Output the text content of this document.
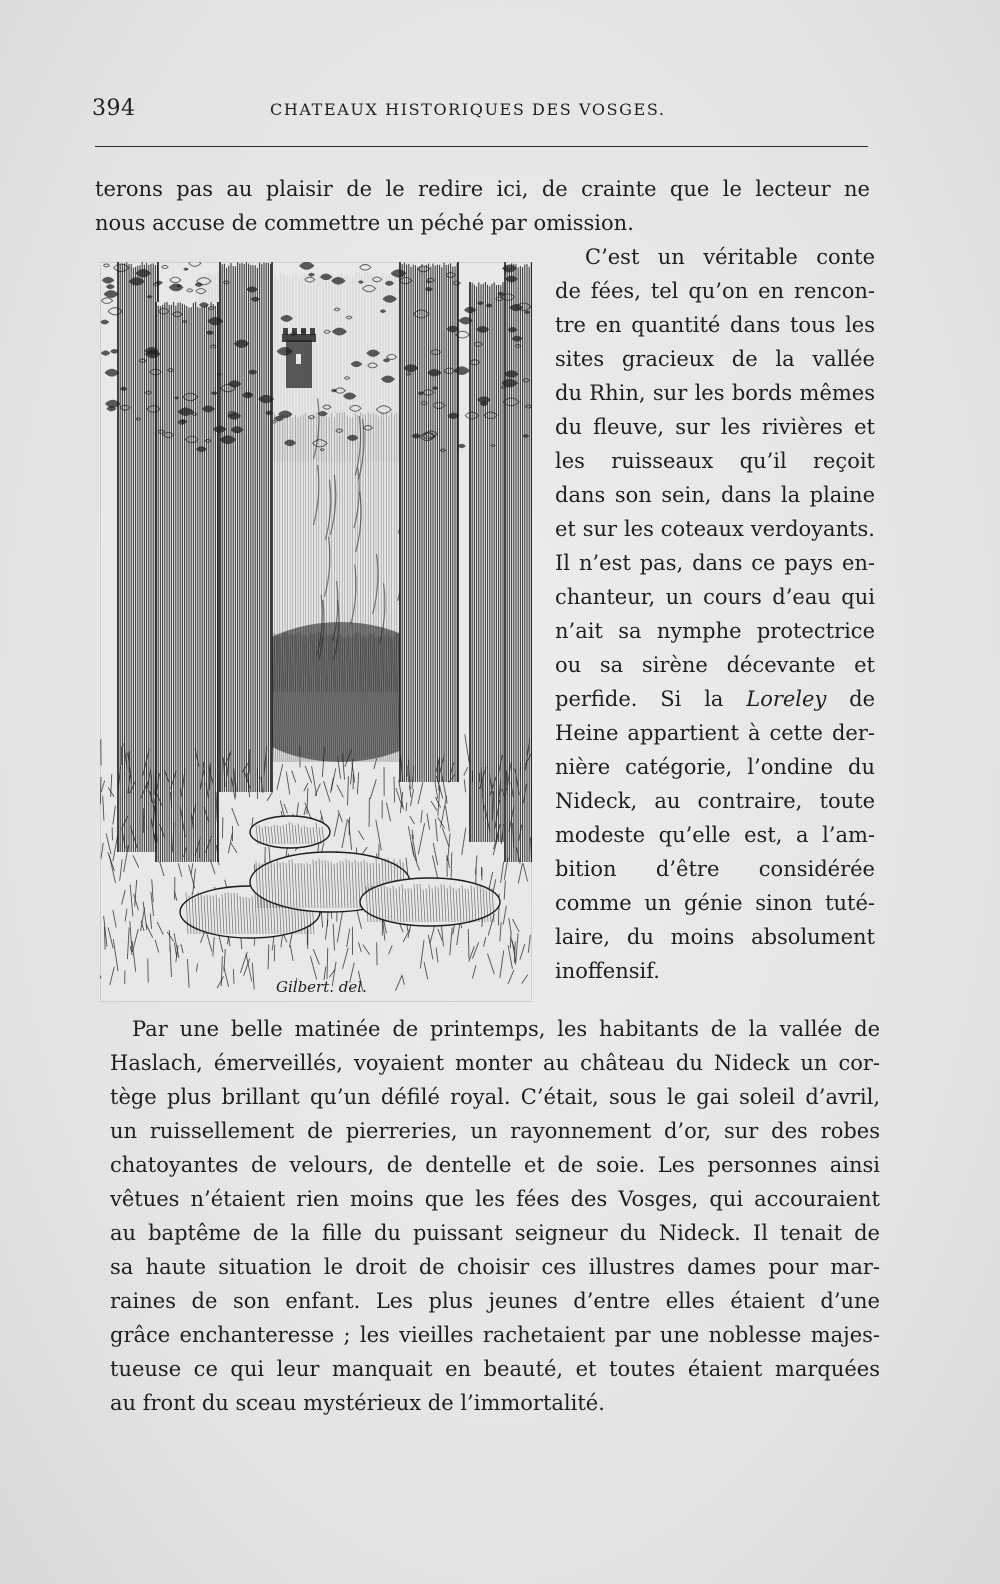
394	CHATEAUX HISTORIQUES DES VOSGES.

terons pas au plaisir de le redire ici, de crainte que le lecteur ne
nous accuse de commettre un péché par omission.

Gilbert. del.

C’est un véritable conte
de fées, tel qu’on en rencon-
tre en quantité dans tous les
sites gracieux de la vallée
du Rhin, sur les bords mêmes
du fleuve, sur les rivières et
les ruisseaux qu’il reçoit
dans son sein, dans la plaine
et sur les coteaux verdoyants.
Il n’est pas, dans ce pays en-
chanteur, un cours d’eau qui
n’ait sa nymphe protectrice
ou sa sirène décevante et
perfide. Si la Loreley de
Heine appartient à cette der-
nière catégorie, l’ondine du
Nideck, au contraire, toute
modeste qu’elle est, a l’am-
bition d’être considérée
comme un génie sinon tuté-
laire, du moins absolument
inoffensif.

Par une belle matinée de printemps, les habitants de la vallée de
Haslach, émerveillés, voyaient monter au château du Nideck un cor-
tège plus brillant qu’un défilé royal. C’était, sous le gai soleil d’avril,
un ruissellement de pierreries, un rayonnement d’or, sur des robes
chatoyantes de velours, de dentelle et de soie. Les personnes ainsi
vêtues n’étaient rien moins que les fées des Vosges, qui accouraient
au baptême de la fille du puissant seigneur du Nideck. Il tenait de
sa haute situation le droit de choisir ces illustres dames pour mar-
raines de son enfant. Les plus jeunes d’entre elles étaient d’une
grâce enchanteresse ; les vieilles rachetaient par une noblesse majes-
tueuse ce qui leur manquait en beauté, et toutes étaient marquées
au front du sceau mystérieux de l’immortalité.
